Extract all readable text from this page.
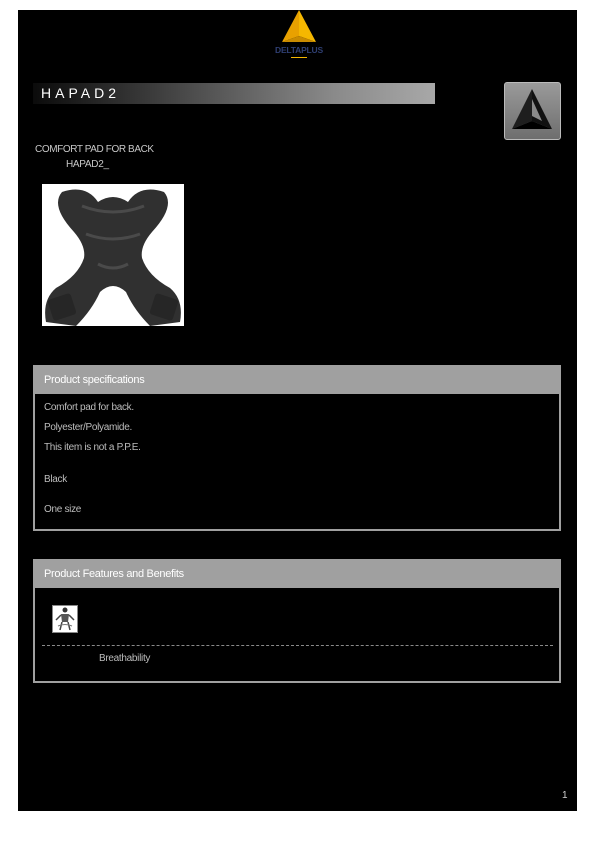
DELTAPLUS
HAPAD2
COMFORT PAD FOR BACK
HAPAD2_
Product specifications
Comfort pad for back.
Polyester/Polyamide.
This item is not a P.P.E.
Black
One size
Product Features and Benefits
Breathability
1
